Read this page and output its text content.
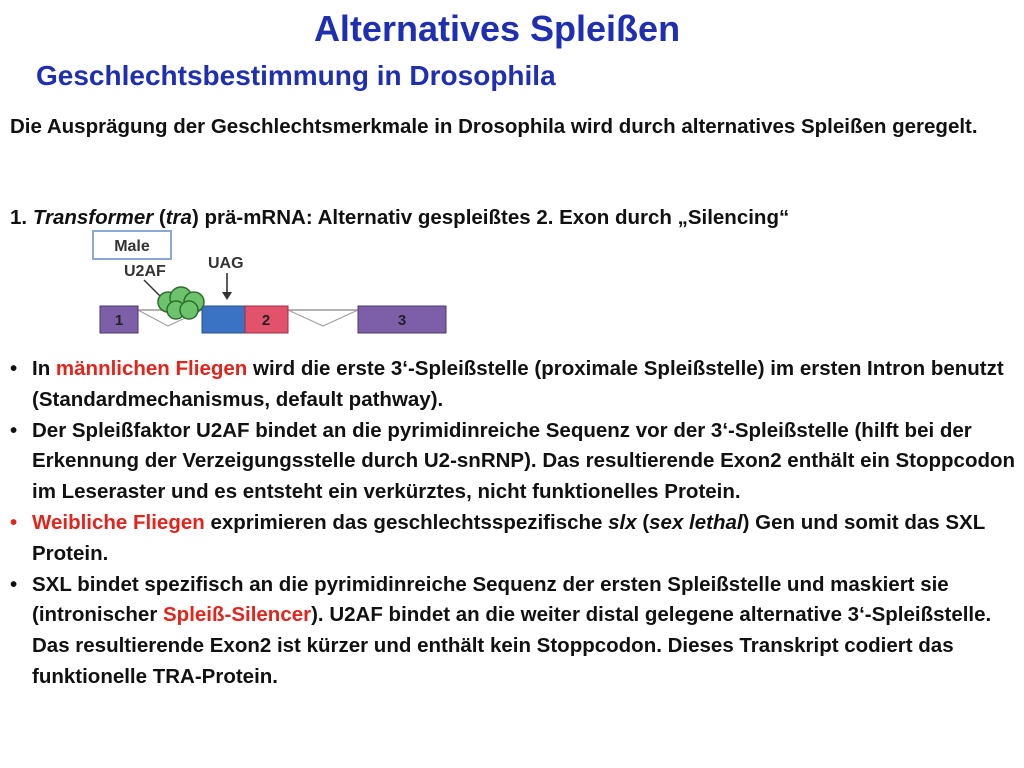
Alternatives Spleißen
Geschlechtsbestimmung in Drosophila

Die Ausprägung der Geschlechtsmerkmale in Drosophila wird durch alternatives Spleißen geregelt.

1. Transformer (tra) prä-mRNA: Alternativ gespleißtes 2. Exon durch „Silencing“

Male
U2AF	UAG
1	2	3
• In männlichen Fliegen wird die erste 3‘-Spleißstelle (proximale Spleißstelle) im ersten Intron benutzt (Standardmechanismus, default pathway).
• Der Spleißfaktor U2AF bindet an die pyrimidinreiche Sequenz vor der 3‘-Spleißstelle (hilft bei der Erkennung der Verzeigungsstelle durch U2-snRNP). Das resultierende Exon2 enthält ein Stoppcodon im Leseraster und es entsteht ein verkürztes, nicht funktionelles Protein.
• Weibliche Fliegen exprimieren das geschlechtsspezifische slx (sex lethal) Gen und somit das SXL Protein.
• SXL bindet spezifisch an die pyrimidinreiche Sequenz der ersten Spleißstelle und maskiert sie (intronischer Spleiß-Silencer). U2AF bindet an die weiter distal gelegene alternative 3‘-Spleißstelle. Das resultierende Exon2 ist kürzer und enthält kein Stoppcodon. Dieses Transkript codiert das funktionelle TRA-Protein.
